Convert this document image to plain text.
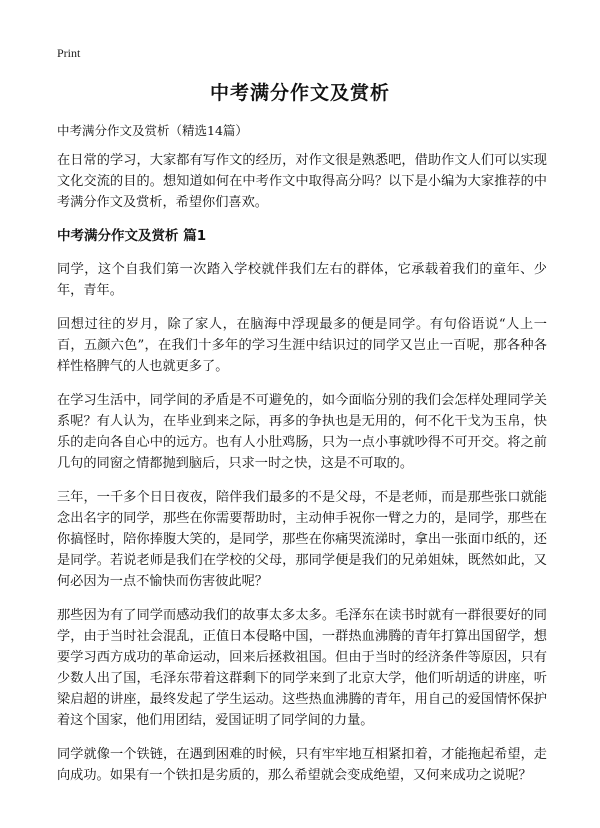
Print
中考满分作文及赏析

中考满分作文及赏析（精选14篇）

在日常的学习，大家都有写作文的经历，对作文很是熟悉吧，借助作文人们可以实现文化交流的目的。想知道如何在中考作文中取得高分吗？以下是小编为大家推荐的中考满分作文及赏析，希望你们喜欢。

中考满分作文及赏析 篇1

同学，这个自我们第一次踏入学校就伴我们左右的群体，它承载着我们的童年、少年，青年。

回想过往的岁月，除了家人，在脑海中浮现最多的便是同学。有句俗语说“人上一百，五颜六色”，在我们十多年的学习生涯中结识过的同学又岂止一百呢，那各种各样性格脾气的人也就更多了。

在学习生活中，同学间的矛盾是不可避免的，如今面临分别的我们会怎样处理同学关系呢？有人认为，在毕业到来之际，再多的争执也是无用的，何不化干戈为玉帛，快乐的走向各自心中的远方。也有人小肚鸡肠，只为一点小事就吵得不可开交。将之前几句的同窗之情都抛到脑后，只求一时之快，这是不可取的。

三年，一千多个日日夜夜，陪伴我们最多的不是父母，不是老师，而是那些张口就能念出名字的同学，那些在你需要帮助时，主动伸手祝你一臂之力的，是同学，那些在你搞怪时，陪你捧腹大笑的，是同学，那些在你痛哭流涕时，拿出一张面巾纸的，还是同学。若说老师是我们在学校的父母，那同学便是我们的兄弟姐妹，既然如此，又何必因为一点不愉快而伤害彼此呢？

那些因为有了同学而感动我们的故事太多太多。毛泽东在读书时就有一群很要好的同学，由于当时社会混乱，正值日本侵略中国，一群热血沸腾的青年打算出国留学，想要学习西方成功的革命运动，回来后拯救祖国。但由于当时的经济条件等原因，只有少数人出了国，毛泽东带着这群剩下的同学来到了北京大学，他们听胡适的讲座，听梁启超的讲座，最终发起了学生运动。这些热血沸腾的青年，用自己的爱国情怀保护着这个国家，他们用团结，爱国证明了同学间的力量。

同学就像一个铁链，在遇到困难的时候，只有牢牢地互相紧扣着，才能拖起希望，走向成功。如果有一个铁扣是劣质的，那么希望就会变成绝望，又何来成功之说呢？
